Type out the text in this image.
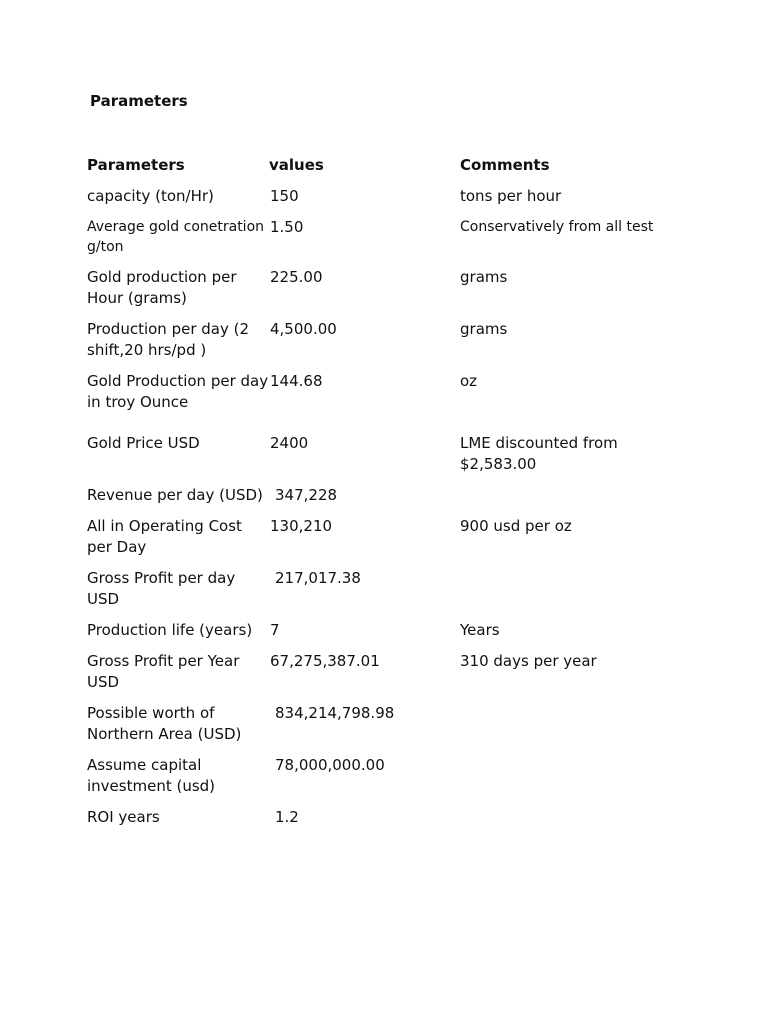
Parameters
Parameters	values	Comments
capacity (ton/Hr)	150	tons per hour
Average gold conetration g/ton	1.50	Conservatively from all test
Gold production per Hour (grams)	225.00	grams
Production per day (2 shift,20 hrs/pd )	4,500.00	grams
Gold Production per day in troy Ounce	144.68	oz
Gold Price USD	2400	LME discounted from $2,583.00
Revenue per day (USD)	347,228	
All in Operating Cost per Day	130,210	900 usd per oz
Gross Profit per day USD	217,017.38	
Production life (years)	7	Years
Gross Profit per Year USD	67,275,387.01	310 days per year
Possible worth of Northern Area (USD)	834,214,798.98	
Assume capital investment (usd)	78,000,000.00	
ROI years	1.2	
